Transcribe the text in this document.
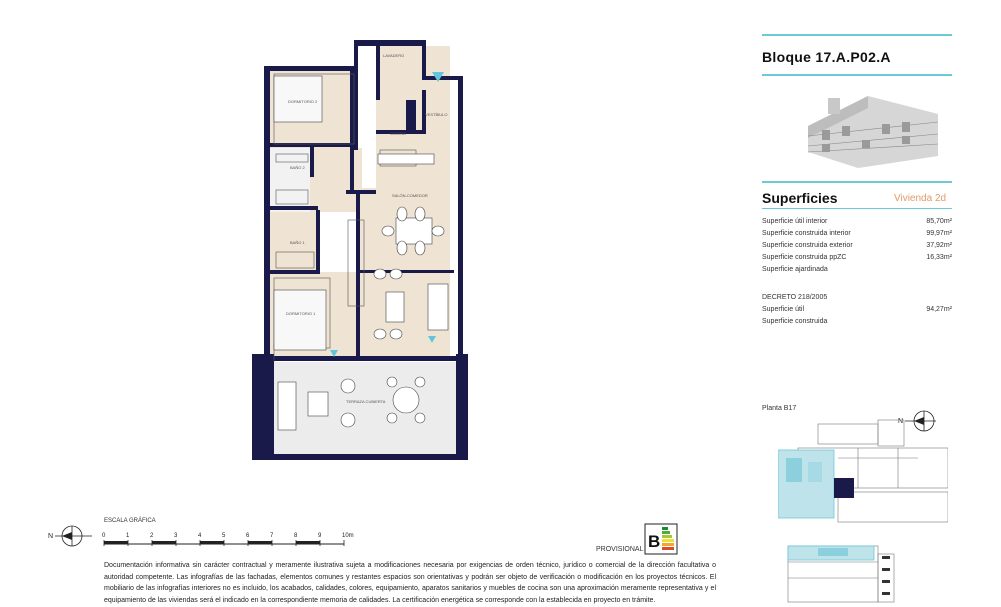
LAVADERO
DORMITORIO 2
VESTÍBULO
COCINA
BAÑO 2
SALÓN-COMEDOR
BAÑO 1
DORMITORIO 1
TERRAZA CUBIERTA
Bloque 17.A.P02.A
Superficies	Vivienda 2d
Superficie útil interior	85,70m²
Superficie construida interior	99,97m²
Superficie construida exterior	37,92m²
Superficie construida ppZC	16,33m²
Superficie ajardinada
DECRETO 218/2005
Superficie útil	94,27m²
Superficie construida
Planta B17
N
N
ESCALA GRÁFICA
0	1	2	3	4	5	6	7	8	9	10m
PROVISIONAL B
Documentación informativa sin carácter contractual y meramente ilustrativa sujeta a modificaciones necesaria por exigencias de orden técnico, jurídico o comercial de la dirección facultativa o autoridad competente. Las infografías de las fachadas, elementos comunes y restantes espacios son orientativas y podrán ser objeto de verificación o modificación en los proyectos técnicos. El mobiliario de las infografías interiores no es incluido, los acabados, calidades, colores, equipamiento, aparatos sanitarios y muebles de cocina son una aproximación meramente representativa y el equipamiento de las viviendas será el indicado en la correspondiente memoria de calidades. La certificación energética se corresponde con la establecida en proyecto en trámite.
